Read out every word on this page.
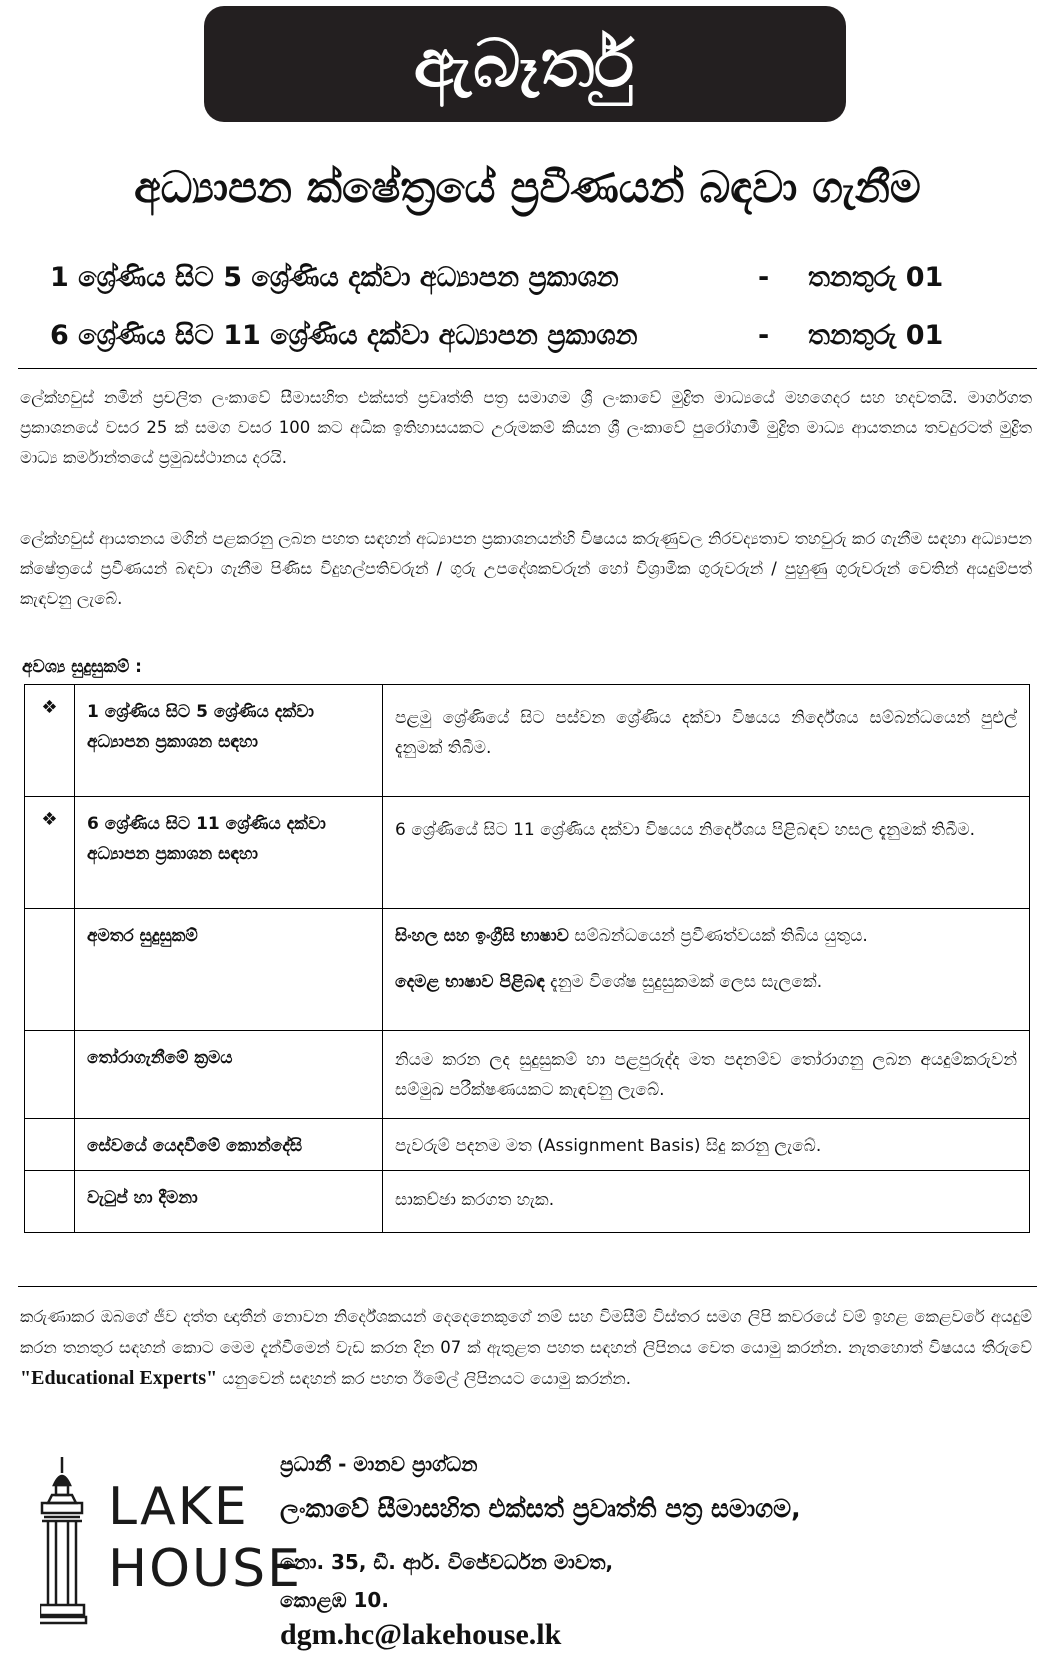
ඇබෑර්තු
අධ්‍යාපන ක්ෂේත්‍රයේ ප්‍රවීණයන් බඳවා ගැනීම
1 ශ්‍රේණිය සිට 5 ශ්‍රේණිය දක්වා අධ්‍යාපන ප්‍රකාශන	- තනතුරු 01
6 ශ්‍රේණිය සිට 11 ශ්‍රේණිය දක්වා අධ්‍යාපන ප්‍රකාශන	- තනතුරු 01

ලේක්හවුස් නමින් ප්‍රචලිත ලංකාවේ සීමාසහිත එක්සත් ප්‍රවෘත්ති පත්‍ර සමාගම ශ්‍රී ලංකාවේ මුද්‍රිත මාධ්‍යයේ මහගෙදර සහ හදවතයි. මාර්ගගත ප්‍රකාශනයේ වසර 25 ක් සමග වසර 100 කට අධික ඉතිහාසයකට උරුමකම් කියන ශ්‍රී ලංකාවේ පුරෝගාමී මුද්‍රිත මාධ්‍ය ආයතනය තවදුරටත් මුද්‍රිත මාධ්‍ය කර්මාන්තයේ ප්‍රමුඛස්ථානය දරයි.

ලේක්හවුස් ආයතනය මගින් පළකරනු ලබන පහත සඳහන් අධ්‍යාපන ප්‍රකාශනයන්හි විෂයය කරුණුවල නිරවද්‍යතාව තහවුරු කර ගැනීම සඳහා අධ්‍යාපන ක්ෂේත්‍රයේ ප්‍රවීණයන් බඳවා ගැනීම පිණිස විදුහල්පතිවරුන් / ගුරු උපදේශකවරුන් හෝ විශ්‍රාමික ගුරුවරුන් / පුහුණු ගුරුවරුන් වෙතින් අයදුම්පත් කැඳවනු ලැබේ.

අවශ්‍ය සුදුසුකම් :
❖	1 ශ්‍රේණිය සිට 5 ශ්‍රේණිය දක්වා අධ්‍යාපන ප්‍රකාශන සඳහා	පළමු ශ්‍රේණියේ සිට පස්වන ශ්‍රේණිය දක්වා විෂයය නිර්දේශය සම්බන්ධයෙන් පුළුල් දැනුමක් තිබීම.
❖	6 ශ්‍රේණිය සිට 11 ශ්‍රේණිය දක්වා අධ්‍යාපන ප්‍රකාශන සඳහා	6 ශ්‍රේණියේ සිට 11 ශ්‍රේණිය දක්වා විෂයය නිර්දේශය පිළිබඳව හසල දැනුමක් තිබීම.
	අමතර සුදුසුකම්	සිංහල සහ ඉංග්‍රීසි භාෂාව සම්බන්ධයෙන් ප්‍රවීණත්වයක් තිබිය යුතුය.

දෙමළ භාෂාව පිළිබඳ දැනුම විශේෂ සුදුසුකමක් ලෙස සැලකේ.

	තෝරාගැනීමේ ක්‍රමය	නියම කරන ලද සුදුසුකම් හා පළපුරුද්ද මත පදනම්ව තෝරාගනු ලබන අයදුම්කරුවන් සම්මුඛ පරීක්ෂණයකට කැඳවනු ලැබේ.
	සේවයේ යෙදවීමේ කොන්දේසි	පැවරුම් පදනම මත (Assignment Basis) සිදු කරනු ලැබේ.
	වැටුප් හා දීමනා	සාකච්ඡා කරගත හැක.

කරුණාකර ඔබගේ ජීව දත්ත ඥාතීන් නොවන නිර්දේශකයන් දෙදෙනෙකුගේ නම් සහ විමසීම් විස්තර සමග ලිපි කවරයේ වම් ඉහළ කෙළවරේ අයදුම් කරන තනතුර සඳහන් කොට මෙම දැන්වීමෙන් වැඩ කරන දින 07 ක් ඇතුළත පහත සඳහන් ලිපිනය වෙත යොමු කරන්න. නැතහොත් විෂයය තීරුවේ "Educational Experts" යනුවෙන් සඳහන් කර පහත ඊමේල් ලිපිනයට යොමු කරන්න.

LAKE
HOUSE
ප්‍රධානී - මානව ප්‍රාග්ධන
ලංකාවේ සීමාසහිත එක්සත් ප්‍රවෘත්ති පත්‍ර සමාගම,
නො. 35, ඩී. ආර්. විජේවර්ධන මාවත,
කොළඹ 10.
dgm.hc@lakehouse.lk
